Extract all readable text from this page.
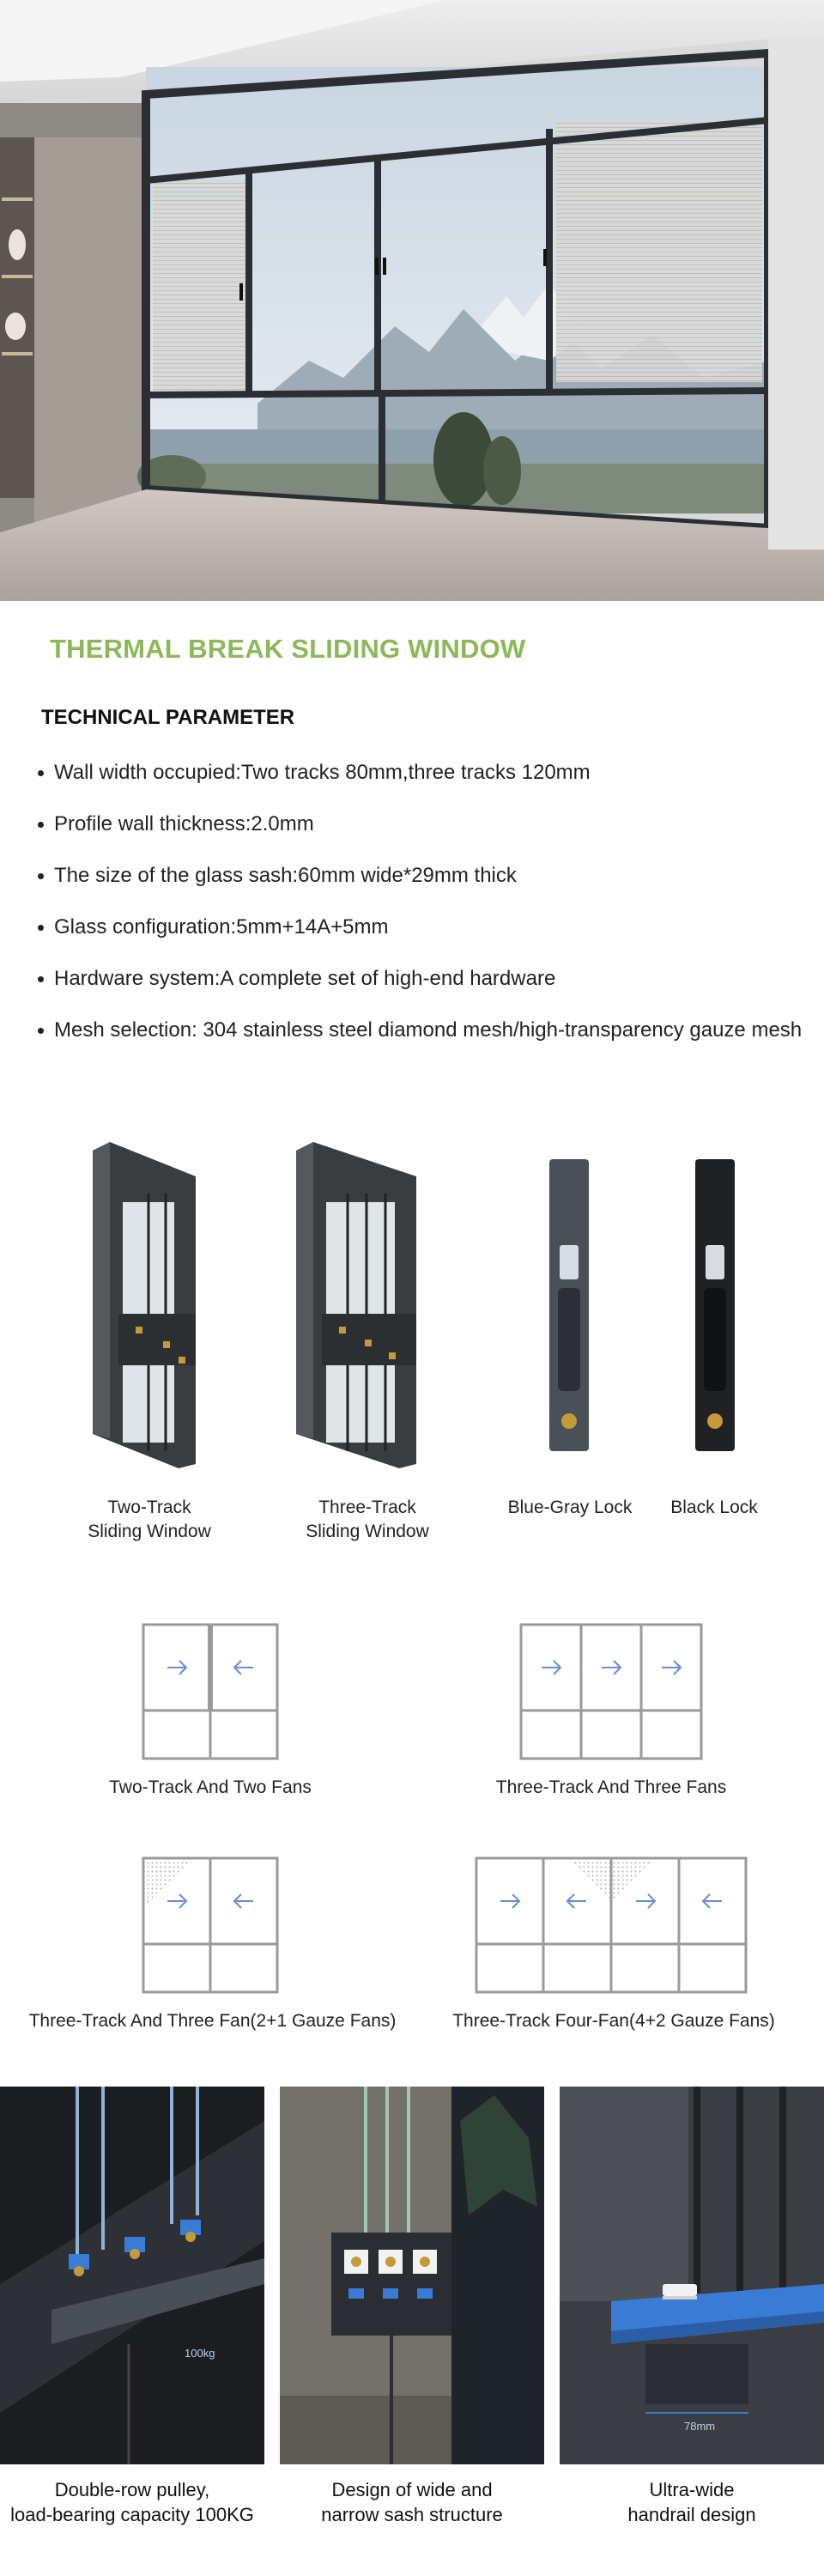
THERMAL BREAK SLIDING WINDOW
TECHNICAL PARAMETER
Wall width occupied:Two tracks 80mm,three tracks 120mm
Profile wall thickness:2.0mm
The size of the glass sash:60mm wide*29mm thick
Glass configuration:5mm+14A+5mm
Hardware system:A complete set of high-end hardware
Mesh selection: 304 stainless steel diamond mesh/high-transparency gauze mesh
Two-Track
Sliding Window
Three-Track
Sliding Window
Blue-Gray Lock	Black Lock
Two-Track And Two Fans	Three-Track And Three Fans
Three-Track And Three Fan(2+1 Gauze Fans)	Three-Track Four-Fan(4+2 Gauze Fans)
100kg
78mm
Double-row pulley,
load-bearing capacity 100KG
Design of wide and
narrow sash structure
Ultra-wide
handrail design
